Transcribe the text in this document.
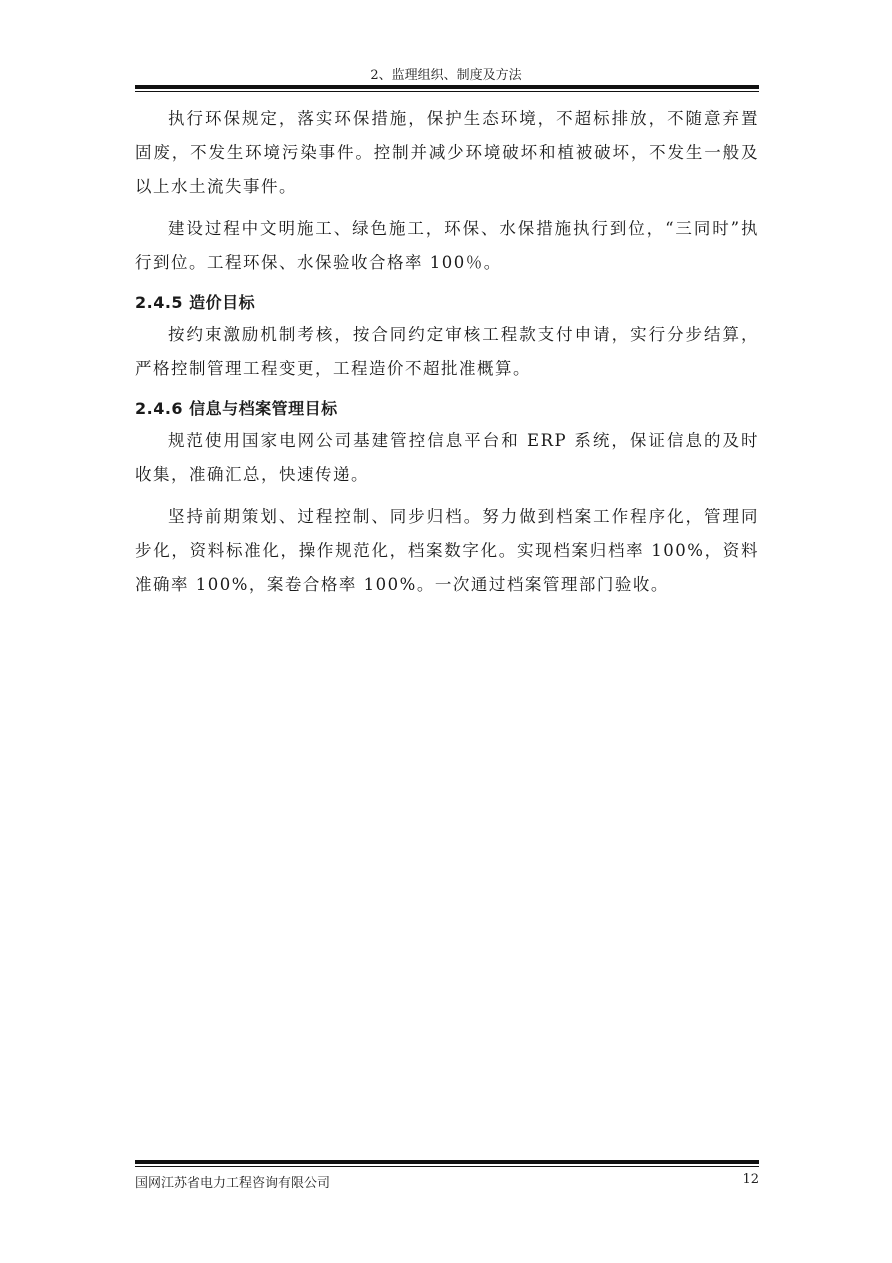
2、监理组织、制度及方法

执行环保规定，落实环保措施，保护生态环境，不超标排放，不随意弃置固废，不发生环境污染事件。控制并减少环境破坏和植被破坏，不发生一般及以上水土流失事件。

建设过程中文明施工、绿色施工，环保、水保措施执行到位，“三同时”执行到位。工程环保、水保验收合格率 100％。

2.4.5 造价目标

按约束激励机制考核，按合同约定审核工程款支付申请，实行分步结算，严格控制管理工程变更，工程造价不超批准概算。

2.4.6 信息与档案管理目标

规范使用国家电网公司基建管控信息平台和 ERP 系统，保证信息的及时收集，准确汇总，快速传递。

坚持前期策划、过程控制、同步归档。努力做到档案工作程序化，管理同步化，资料标准化，操作规范化，档案数字化。实现档案归档率 100%，资料准确率 100%，案卷合格率 100%。一次通过档案管理部门验收。

国网江苏省电力工程咨询有限公司	12
